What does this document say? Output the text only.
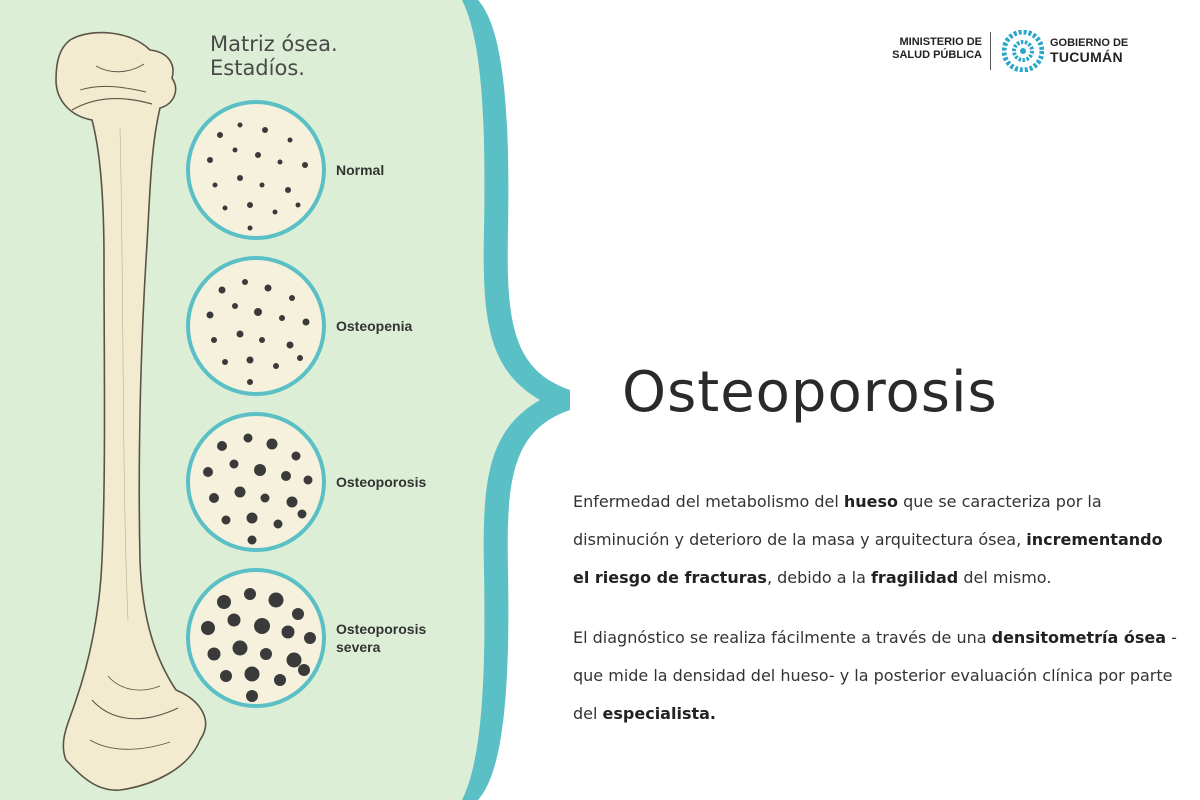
Matriz ósea.
Estadíos.
Normal
Osteopenia
Osteoporosis
Osteoporosis
severa
MINISTERIO DE
SALUD PÚBLICA
GOBIERNO DE
TUCUMÁN
Osteoporosis

Enfermedad del metabolismo del hueso que se caracteriza por la disminución y deterioro de la masa y arquitectura ósea, incrementando el riesgo de fracturas, debido a la fragilidad del mismo.

El diagnóstico se realiza fácilmente a través de una densitometría ósea - que mide la densidad del hueso- y la posterior evaluación clínica por parte del especialista.
